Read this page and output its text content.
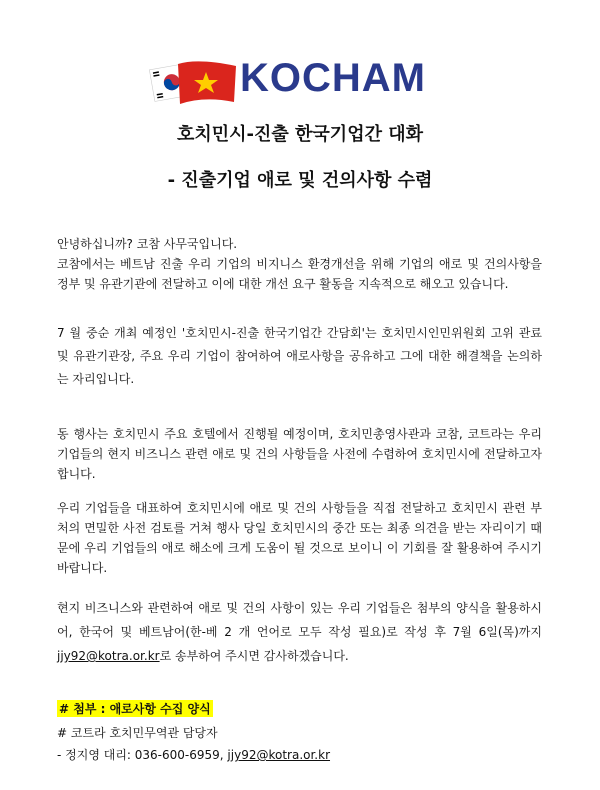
KOCHAM
호치민시-진출 한국기업간 대화
- 진출기업 애로 및 건의사항 수렴
안녕하십니까? 코참 사무국입니다.
코참에서는 베트남 진출 우리 기업의 비지니스 환경개선을 위해 기업의 애로 및 건의사항을 정부 및 유관기관에 전달하고 이에 대한 개선 요구 활동을 지속적으로 해오고 있습니다.
7 월 중순 개최 예정인 '호치민시-진출 한국기업간 간담회'는 호치민시인민위원회 고위 관료 및 유관기관장, 주요 우리 기업이 참여하여 애로사항을 공유하고 그에 대한 해결책을 논의하는 자리입니다.
동 행사는 호치민시 주요 호텔에서 진행될 예정이며, 호치민총영사관과 코참, 코트라는 우리 기업들의 현지 비즈니스 관련 애로 및 건의 사항들을 사전에 수렴하여 호치민시에 전달하고자 합니다.
우리 기업들을 대표하여 호치민시에 애로 및 건의 사항들을 직접 전달하고 호치민시 관련 부처의 면밀한 사전 검토를 거쳐 행사 당일 호치민시의 중간 또는 최종 의견을 받는 자리이기 때문에 우리 기업들의 애로 해소에 크게 도움이 될 것으로 보이니 이 기회를 잘 활용하여 주시기 바랍니다.
현지 비즈니스와 관련하여 애로 및 건의 사항이 있는 우리 기업들은 첨부의 양식을 활용하시어, 한국어 및 베트남어(한-베 2 개 언어로 모두 작성 필요)로 작성 후 7월 6일(목)까지 jjy92@kotra.or.kr로 송부하여 주시면 감사하겠습니다.
# 첨부 : 애로사항 수집 양식
# 코트라 호치민무역관 담당자
- 정지영 대리: 036-600-6959, jjy92@kotra.or.kr
